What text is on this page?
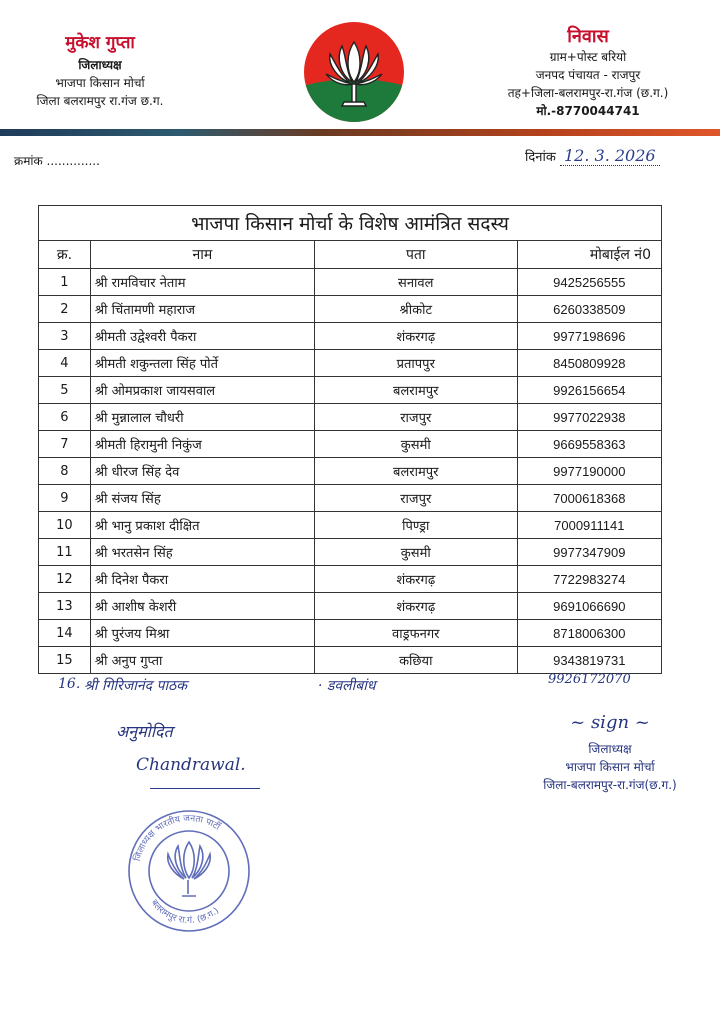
मुकेश गुप्ता
जिलाध्यक्ष
भाजपा किसान मोर्चा
जिला बलरामपुर रा.गंज छ.ग.
निवास
ग्राम+पोस्ट बरियो
जनपद पंचायत - राजपुर
तह+जिला-बलरामपुर-रा.गंज (छ.ग.)
मो.-8770044741
क्रमांक ..............	दिनांक 12. 3. 2026
भाजपा किसान मोर्चा के विशेष आमंत्रित सदस्य			
क्र.	नाम	पता	मोबाईल नं0
1	श्री रामविचार नेताम	सनावल	9425256555
2	श्री चिंतामणी महाराज	श्रीकोट	6260338509
3	श्रीमती उद्वेश्वरी पैकरा	शंकरगढ़	9977198696
4	श्रीमती शकुन्तला सिंह पोर्ते	प्रतापपुर	8450809928
5	श्री ओमप्रकाश जायसवाल	बलरामपुर	9926156654
6	श्री मुन्नालाल चौधरी	राजपुर	9977022938
7	श्रीमती हिरामुनी निकुंज	कुसमी	9669558363
8	श्री धीरज सिंह देव	बलरामपुर	9977190000
9	श्री संजय सिंह	राजपुर	7000618368
10	श्री भानु प्रकाश दीक्षित	पिण्ड्रा	7000911141
11	श्री भरतसेन सिंह	कुसमी	9977347909
12	श्री दिनेश पैकरा	शंकरगढ़	7722983274
13	श्री आशीष केशरी	शंकरगढ़	9691066690
14	श्री पुरंजय मिश्रा	वाड्रफनगर	8718006300
15	श्री अनुप गुप्ता	कछिया	9343819731
16. श्री गिरिजानंद पाठक	· डवलीबांध	9926172070
अनुमोदित
Chandrawal.
~ sign ~
जिलाध्यक्ष
भाजपा किसान मोर्चा
जिला-बलरामपुर-रा.गंज(छ.ग.)
जिलाध्यक्ष भारतीय जनता पार्टी
बलरामपुर रा.गं. (छ.ग.)
